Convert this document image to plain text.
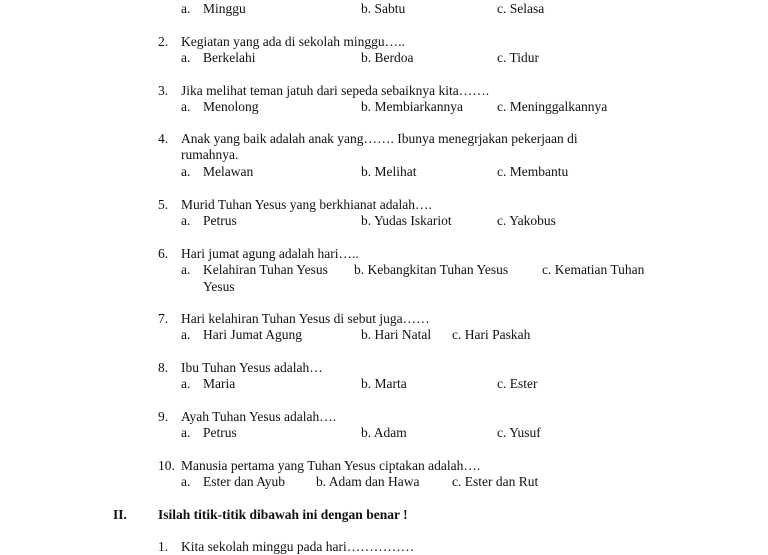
a. Minggu	b. Sabtu	c. Selasa
2. Kegiatan yang ada di sekolah minggu…..
a. Berkelahi	b. Berdoa	c. Tidur
3. Jika melihat teman jatuh dari sepeda sebaiknya kita…….
a. Menolong	b. Membiarkannya	c. Meninggalkannya
4. Anak yang baik adalah anak yang……. Ibunya menegrjakan pekerjaan di
rumahnya.
a. Melawan	b. Melihat	c. Membantu
5. Murid Tuhan Yesus yang berkhianat adalah….
a. Petrus	b. Yudas Iskariot	c. Yakobus
6. Hari jumat agung adalah hari…..
a. Kelahiran Tuhan Yesus b. Kebangkitan Tuhan Yesus	c. Kematian Tuhan
Yesus
7. Hari kelahiran Tuhan Yesus di sebut juga……
a. Hari Jumat Agung	b. Hari Natal c. Hari Paskah
8. Ibu Tuhan Yesus adalah…
a. Maria	b. Marta	c. Ester
9. Ayah Tuhan Yesus adalah….
a. Petrus	b. Adam	c. Yusuf
10. Manusia pertama yang Tuhan Yesus ciptakan adalah….
a. Ester dan Ayub b. Adam dan Hawa c. Ester dan Rut
II. Isilah titik-titik dibawah ini dengan benar !
1. Kita sekolah minggu pada hari……………
